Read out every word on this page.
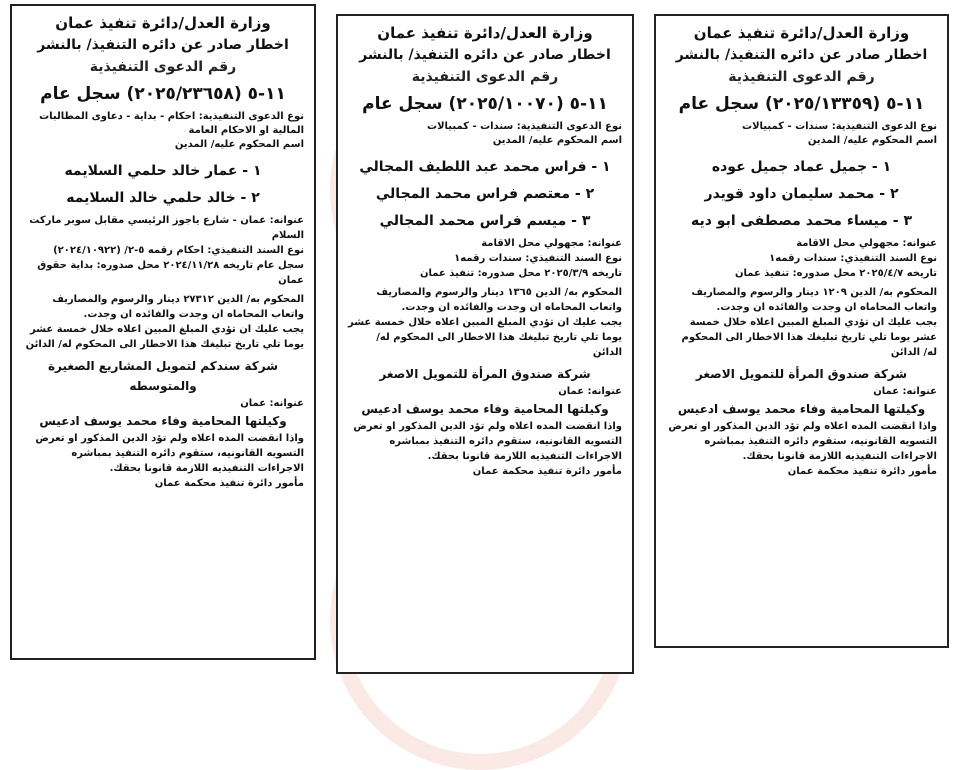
وزارة العدل/دائرة تنفيذ عمان
اخطار صادر عن دائره التنفيذ/ بالنشر
رقم الدعوى التنفيذية
١١-٥ (٢٠٢٥/١٣٣٥٩) سجل عام
نوع الدعوى التنفيذية: سندات - كمبيالات
اسم المحكوم عليه/ المدين
١ - جميل عماد جميل عوده
٢ - محمد سليمان داود قويدر
٣ - ميساء محمد مصطفى ابو ديه
عنوانه: مجهولي محل الاقامة
نوع السند التنفيذي: سندات رقمه١
تاريخه ٢٠٢٥/٤/٧ محل صدوره: تنفيذ عمان
المحكوم به/ الدين ١٢٠٩ دينار والرسوم والمصاريف واتعاب المحاماه ان وجدت والفائده ان وجدت.
يجب عليك ان تؤدي المبلغ المبين اعلاه خلال خمسة عشر يوما تلي تاريخ تبليغك هذا الاخطار الى المحكوم له/ الدائن
شركة صندوق المرأة للتمويل الاصغر
عنوانه: عمان
وكيلتها المحامية وفاء محمد يوسف ادعيس
واذا انقضت المده اعلاه ولم تؤد الدين المذكور او تعرض التسويه القانونيه، ستقوم دائره التنفيذ بمباشره الاجراءات التنفيذيه اللازمة قانونا بحقك.
مأمور دائرة تنفيذ محكمة عمان
وزارة العدل/دائرة تنفيذ عمان
اخطار صادر عن دائره التنفيذ/ بالنشر
رقم الدعوى التنفيذية
١١-٥ (٢٠٢٥/١٠٠٧٠) سجل عام
نوع الدعوى التنفيذية: سندات - كمبيالات
اسم المحكوم عليه/ المدين
١ - فراس محمد عبد اللطيف المجالي
٢ - معتصم فراس محمد المجالي
٣ - ميسم فراس محمد المجالي
عنوانه: مجهولي محل الاقامة
نوع السند التنفيذي: سندات رقمه١
تاريخه ٢٠٢٥/٣/٩ محل صدوره: تنفيذ عمان
المحكوم به/ الدين ١٣٦٥ دينار والرسوم والمصاريف واتعاب المحاماه ان وجدت والفائده ان وجدت.
يجب عليك ان تؤدي المبلغ المبين اعلاه خلال خمسة عشر يوما تلي تاريخ تبليغك هذا الاخطار الى المحكوم له/ الدائن
شركة صندوق المرأة للتمويل الاصغر
عنوانه: عمان
وكيلتها المحامية وفاء محمد يوسف ادعيس
واذا انقضت المده اعلاه ولم تؤد الدين المذكور او تعرض التسويه القانونيه، ستقوم دائره التنفيذ بمباشره الاجراءات التنفيذيه اللازمة قانونا بحقك.
مأمور دائرة تنفيذ محكمة عمان
وزارة العدل/دائرة تنفيذ عمان
اخطار صادر عن دائره التنفيذ/ بالنشر
رقم الدعوى التنفيذية
١١-٥ (٢٠٢٥/٢٣٦٥٨) سجل عام
نوع الدعوى التنفيذية: احكام - بداية - دعاوى المطالبات المالية او الاحكام العامة
اسم المحكوم عليه/ المدين
١ - عمار خالد حلمي السلايمه
٢ - خالد حلمي خالد السلايمه
عنوانه: عمان - شارع ياجوز الرئيسي مقابل سوبر ماركت السلام
نوع السند التنفيذي: احكام رقمه ٥-٢/ (٢٠٢٤/١٠٩٢٢)
سجل عام تاريخه ٢٠٢٤/١١/٢٨ محل صدوره: بداية حقوق عمان
المحكوم به/ الدين ٢٧٣١٢ دينار والرسوم والمصاريف واتعاب المحاماه ان وجدت والفائده ان وجدت.
يجب عليك ان تؤدي المبلغ المبين اعلاه خلال خمسة عشر يوما تلي تاريخ تبليغك هذا الاخطار الى المحكوم له/ الدائن
شركة سندكم لتمويل المشاريع الصغيرة والمتوسطه
عنوانه: عمان
وكيلتها المحامية وفاء محمد يوسف ادعيس
واذا انقضت المده اعلاه ولم تؤد الدين المذكور او تعرض التسويه القانونيه، ستقوم دائره التنفيذ بمباشره الاجراءات التنفيذيه اللازمة قانونا بحقك.
مأمور دائرة تنفيذ محكمة عمان
